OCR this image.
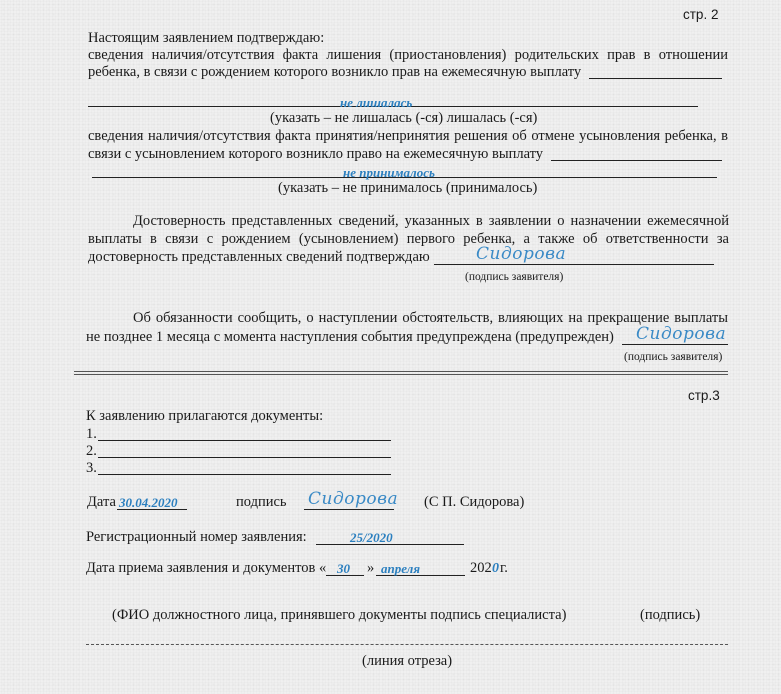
стр. 2
Настоящим заявлением подтверждаю:
сведения наличия/отсутствия факта лишения (приостановления) родительских прав в отношении
ребенка, в связи с рождением которого возникло прав на ежемесячную выплату
не лишалась
(указать – не лишалась (-ся) лишалась (-ся)
сведения наличия/отсутствия факта принятия/непринятия решения об отмене усыновления ребенка, в
связи с усыновлением которого возникло право на ежемесячную выплату
не принималось
(указать – не принималось (принималось)
Достоверность представленных сведений, указанных в заявлении о назначении ежемесячной
выплаты в связи с рождением (усыновлением) первого ребенка, а также об ответственности за
достоверность представленных сведений подтверждаю	Сидорова
(подпись заявителя)
Об обязанности сообщить, о наступлении обстоятельств, влияющих на прекращение выплаты
не позднее 1 месяца с момента наступления события предупреждена (предупрежден) Сидорова
(подпись заявителя)
стр.3
К заявлению прилагаются документы:
1.
2.
3.
Дата 30.04.2020	подпись Сидорова (С П. Сидорова)
Регистрационный номер заявления:	25/2020
Дата приема заявления и документов « 30 » апреля	202 0 г.
(ФИО должностного лица, принявшего документы подпись специалиста)	(подпись)
(линия отреза)
